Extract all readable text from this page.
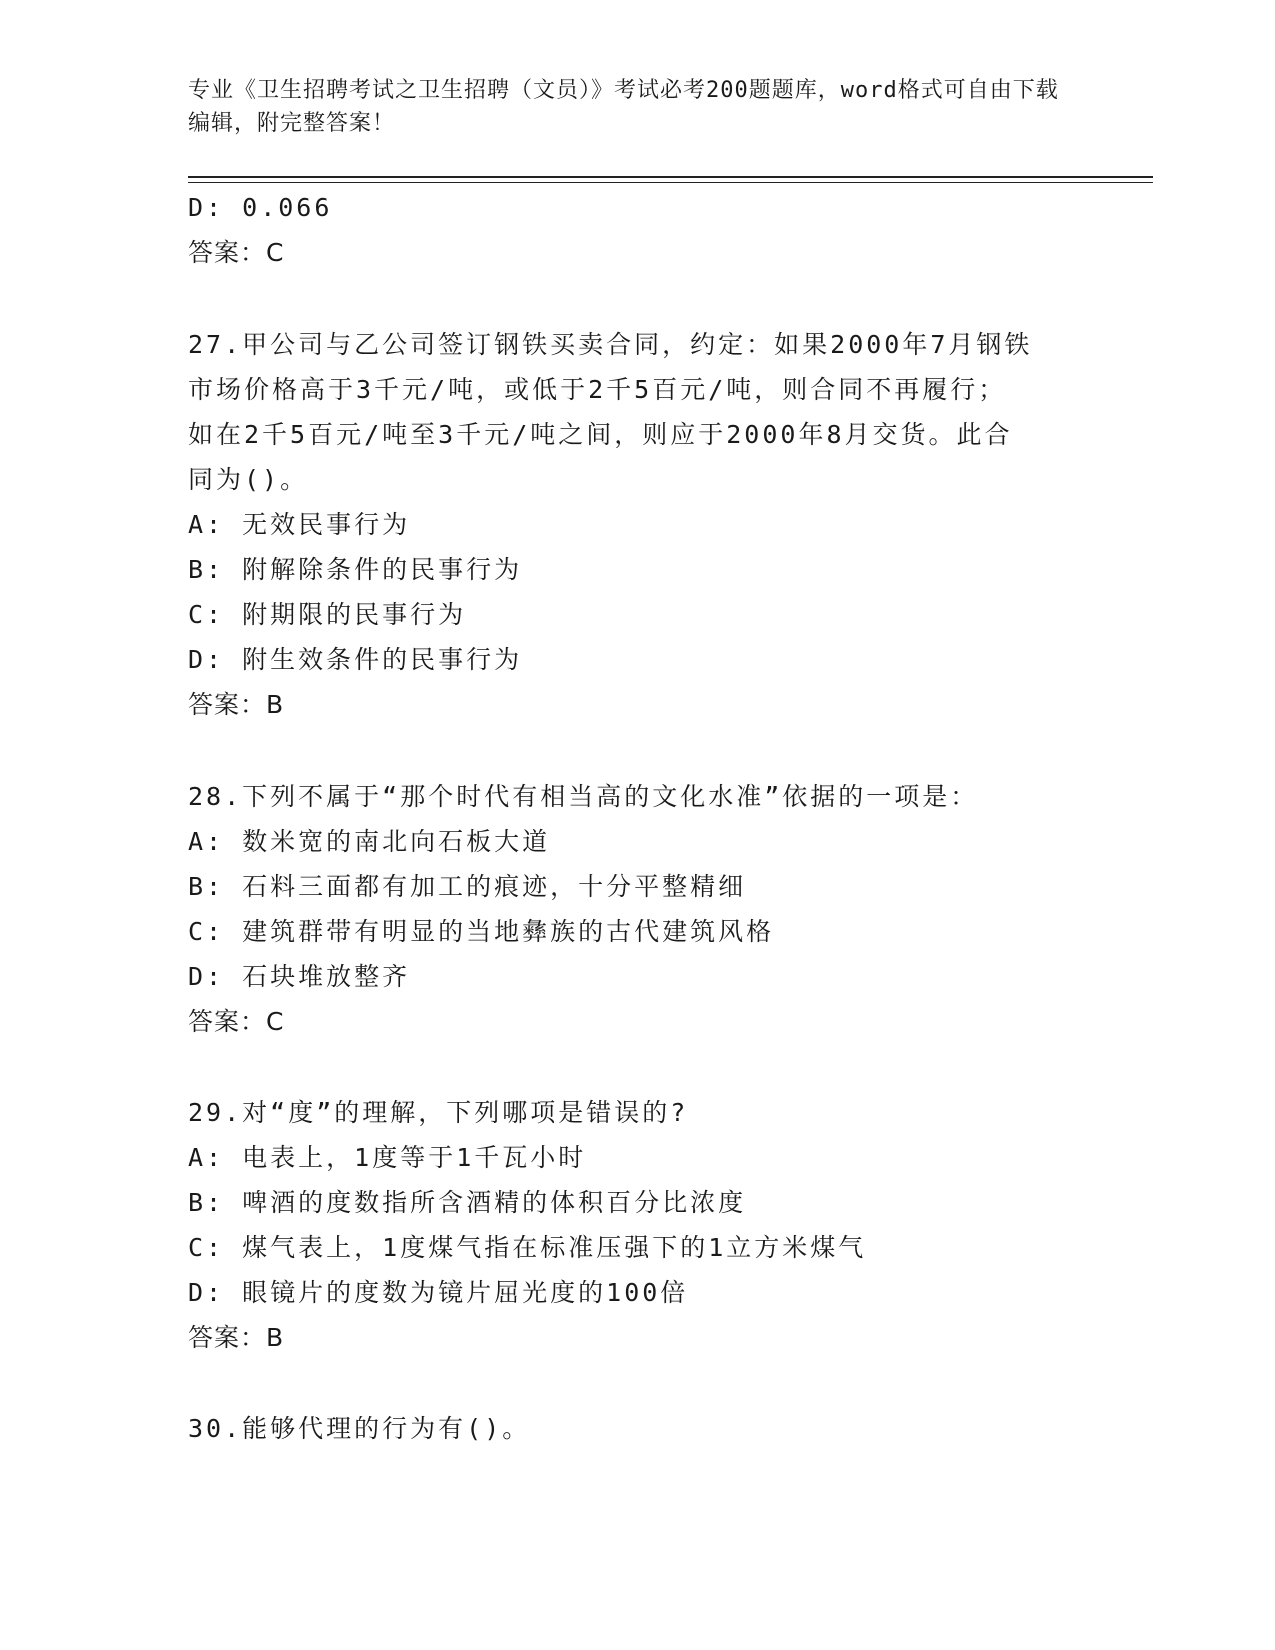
专业《卫生招聘考试之卫生招聘（文员）》考试必考200题题库，word格式可自由下载编辑，附完整答案！
D: 0.066
答案：C
27.甲公司与乙公司签订钢铁买卖合同，约定：如果2000年7月钢铁
市场价格高于3千元/吨，或低于2千5百元/吨，则合同不再履行；
如在2千5百元/吨至3千元/吨之间，则应于2000年8月交货。此合
同为()。
A: 无效民事行为
B: 附解除条件的民事行为
C: 附期限的民事行为
D: 附生效条件的民事行为
答案：B
28.下列不属于“那个时代有相当高的文化水准”依据的一项是：
A: 数米宽的南北向石板大道
B: 石料三面都有加工的痕迹，十分平整精细
C: 建筑群带有明显的当地彝族的古代建筑风格
D: 石块堆放整齐
答案：C
29.对“度”的理解，下列哪项是错误的?
A: 电表上，1度等于1千瓦小时
B: 啤酒的度数指所含酒精的体积百分比浓度
C: 煤气表上，1度煤气指在标准压强下的1立方米煤气
D: 眼镜片的度数为镜片屈光度的100倍
答案：B
30.能够代理的行为有()。
